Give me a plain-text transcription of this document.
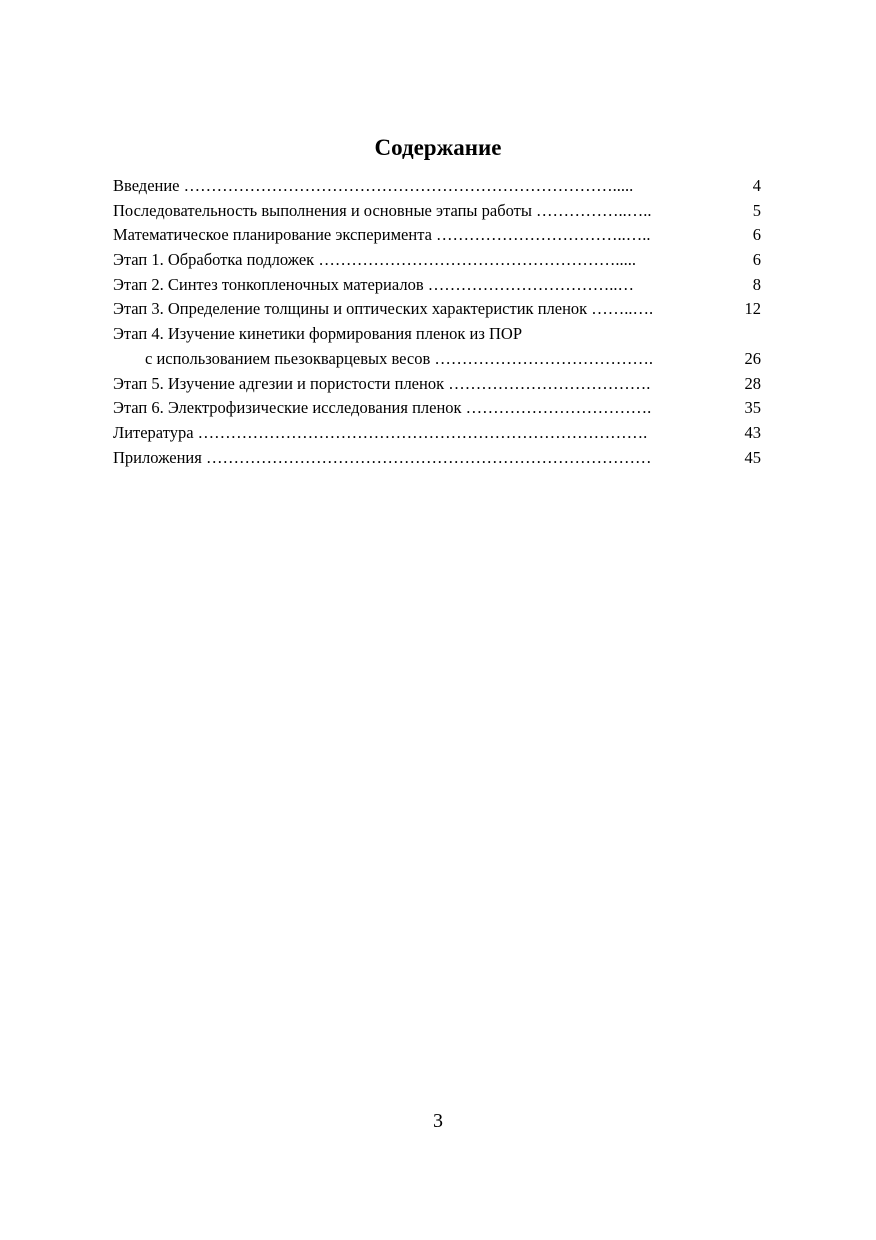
Содержание
Введение …………………………………………………………………….....	4
Последовательность выполнения и основные этапы работы ……………..…..	5
Математическое планирование эксперимента ……………………………..…..	6
Этап 1. Обработка подложек ……………………………………………….....	6
Этап 2. Синтез тонкопленочных материалов ……………………………..…	8
Этап 3. Определение толщины и оптических характеристик пленок ……..….	12
Этап 4. Изучение кинетики формирования пленок из ПОР
с использованием пьезокварцевых весов ………………………………….	26
Этап 5. Изучение адгезии и пористости пленок ……………………………….	28
Этап 6. Электрофизические исследования пленок …………………………….	35
Литература ……………………………………………………………………….	43
Приложения ………………………………………………………………………	45
3
